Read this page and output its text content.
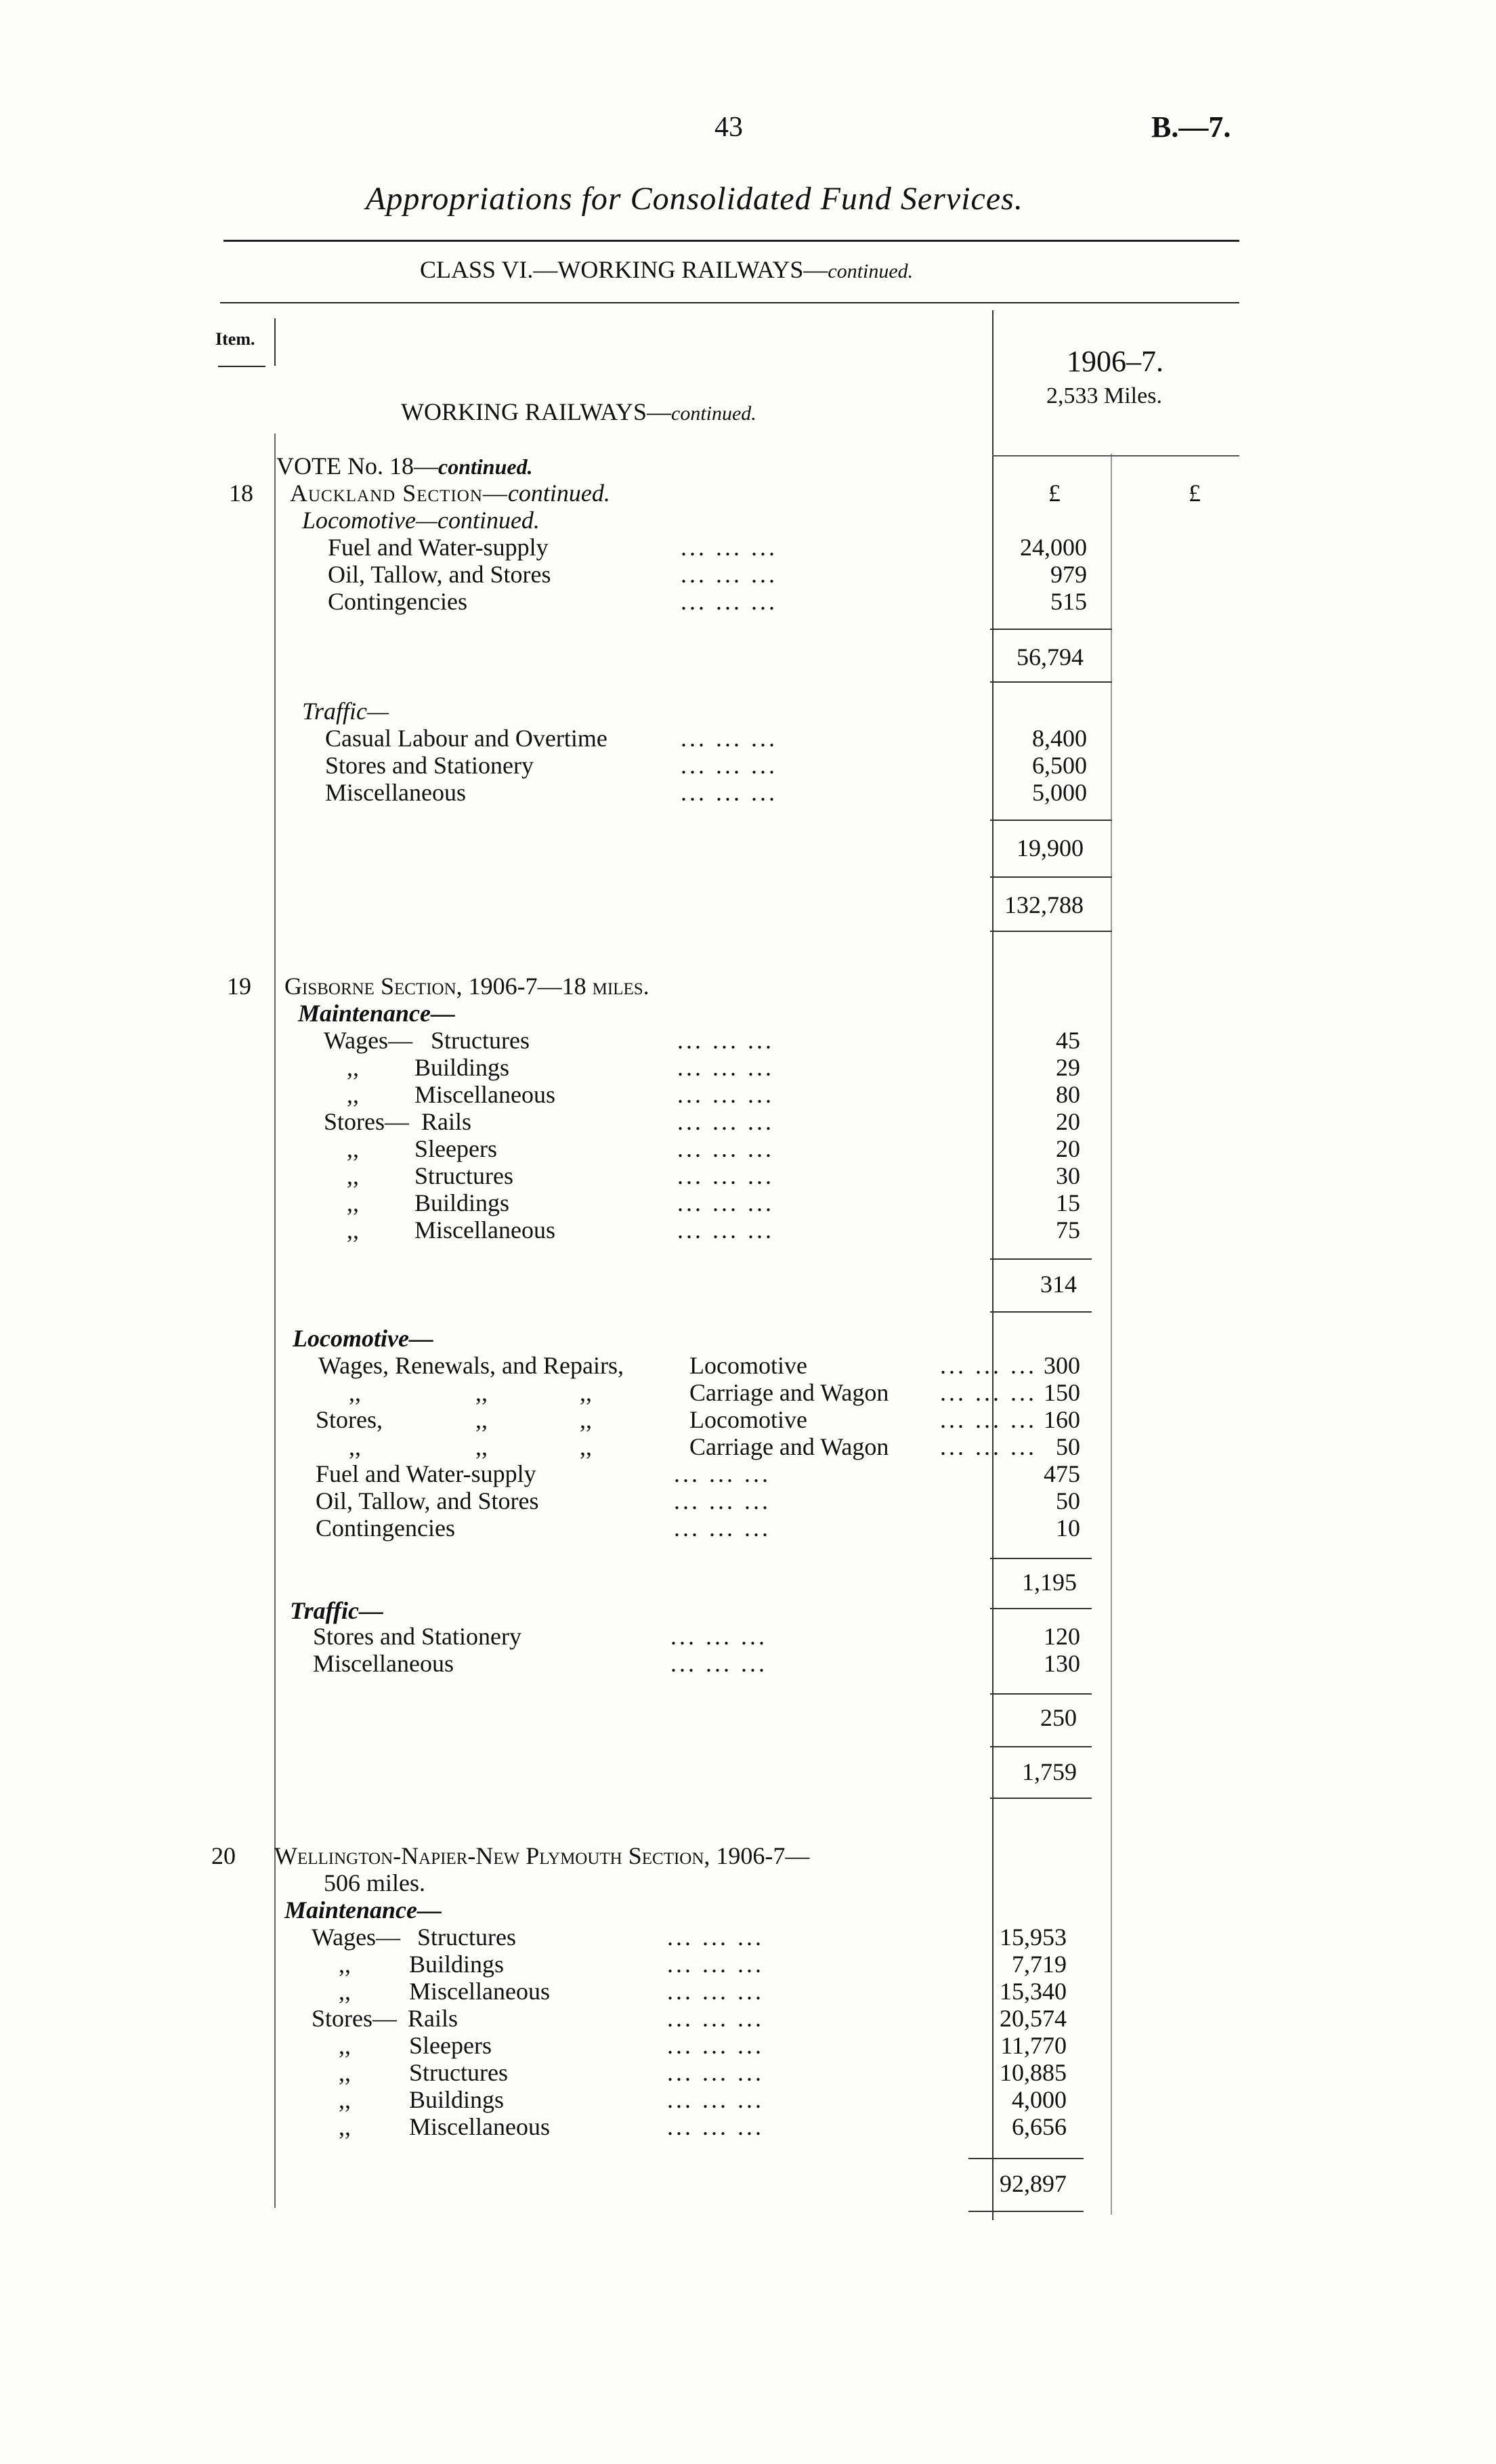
43	B.—7.
Appropriations for Consolidated Fund Services.
CLASS VI.—WORKING RAILWAYS—continued.
Item.
WORKING RAILWAYS—continued.
1906–7.
2,533 Miles.
VOTE No. 18—continued.
18 Auckland Section—continued.	£	£
Locomotive—continued.
Fuel and Water-supply	... ... ...	24,000
Oil, Tallow, and Stores	... ... ...	979
Contingencies	... ... ...	515
56,794
Traffic—
Casual Labour and Overtime	... ... ...	8,400
Stores and Stationery	... ... ...	6,500
Miscellaneous	... ... ...	5,000
19,900
132,788
19 Gisborne Section, 1906-7—18 miles.
Maintenance—
Wages— Structures	... ... ...	45
,, Buildings	... ... ...	29
,, Miscellaneous	... ... ...	80
Stores— Rails	... ... ...	20
,, Sleepers	... ... ...	20
,, Structures	... ... ...	30
,, Buildings	... ... ...	15
,, Miscellaneous	... ... ...	75
314
Locomotive—
Wages, Renewals, and Repairs,	Locomotive	... ... ... 300
,,	,,	,,	Carriage and Wagon ... ... ... 150
Stores,	,,	,,	Locomotive	... ... ... 160
,,	,,	,,	Carriage and Wagon ... ... ... 50
Fuel and Water-supply	... ... ...	475
Oil, Tallow, and Stores	... ... ...	50
Contingencies	... ... ...	10
1,195
Traffic—
Stores and Stationery	... ... ...	120
Miscellaneous	... ... ...	130
250
1,759
20 Wellington-Napier-New Plymouth Section, 1906-7—
506 miles.
Maintenance—
Wages— Structures	... ... ...	15,953
,, Buildings	... ... ...	7,719
,, Miscellaneous	... ... ...	15,340
Stores— Rails	... ... ...	20,574
,, Sleepers	... ... ...	11,770
,, Structures	... ... ...	10,885
,, Buildings	... ... ...	4,000
,, Miscellaneous	... ... ...	6,656
92,897
